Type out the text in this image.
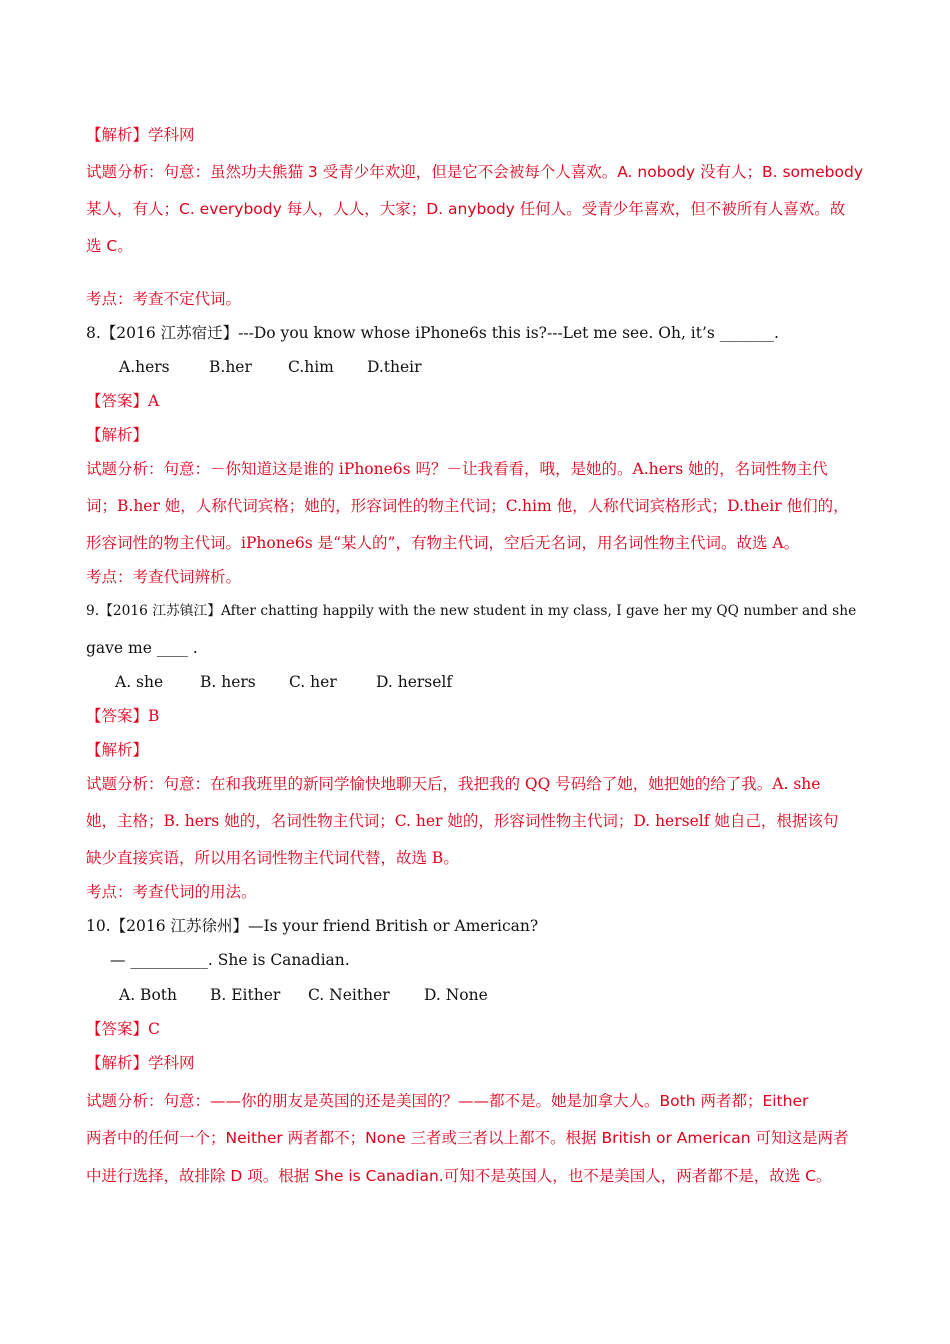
【解析】学科网
试题分析：句意：虽然功夫熊猫 3 受青少年欢迎，但是它不会被每个人喜欢。A. nobody 没有人；B. somebody
某人，有人；C. everybody 每人，人人，大家；D. anybody 任何人。受青少年喜欢，但不被所有人喜欢。故
选 C。
考点：考查不定代词。
8.【2016 江苏宿迁】---Do you know whose iPhone6s this is?---Let me see. Oh, it’s _______.
A.hers	B.her C.him D.their
【答案】A
【解析】
试题分析：句意：－你知道这是谁的 iPhone6s 吗？－让我看看，哦，是她的。A.hers 她的，名词性物主代
词；B.her 她，人称代词宾格；她的，形容词性的物主代词；C.him 他，人称代词宾格形式；D.their 他们的，
形容词性的物主代词。iPhone6s 是“某人的”，有物主代词，空后无名词，用名词性物主代词。故选 A。
考点：考查代词辨析。
9.【2016 江苏镇江】After chatting happily with the new student in my class, I gave her my QQ number and she
gave me ____ .
A. she B. hers C. her	D. herself
【答案】B
【解析】
试题分析：句意：在和我班里的新同学愉快地聊天后，我把我的 QQ 号码给了她，她把她的给了我。A. she
她，主格；B. hers 她的，名词性物主代词；C. her 她的，形容词性物主代词；D. herself 她自己，根据该句
缺少直接宾语，所以用名词性物主代词代替，故选 B。
考点：考查代词的用法。
10.【2016 江苏徐州】—Is your friend British or American?
— __________. She is Canadian.
A. Both B. Either C. Neither D. None
【答案】C
【解析】学科网
试题分析：句意：——你的朋友是英国的还是美国的？——都不是。她是加拿大人。Both 两者都；Either
两者中的任何一个；Neither 两者都不；None 三者或三者以上都不。根据 British or American 可知这是两者
中进行选择，故排除 D 项。根据 She is Canadian.可知不是英国人，也不是美国人，两者都不是，故选 C。
